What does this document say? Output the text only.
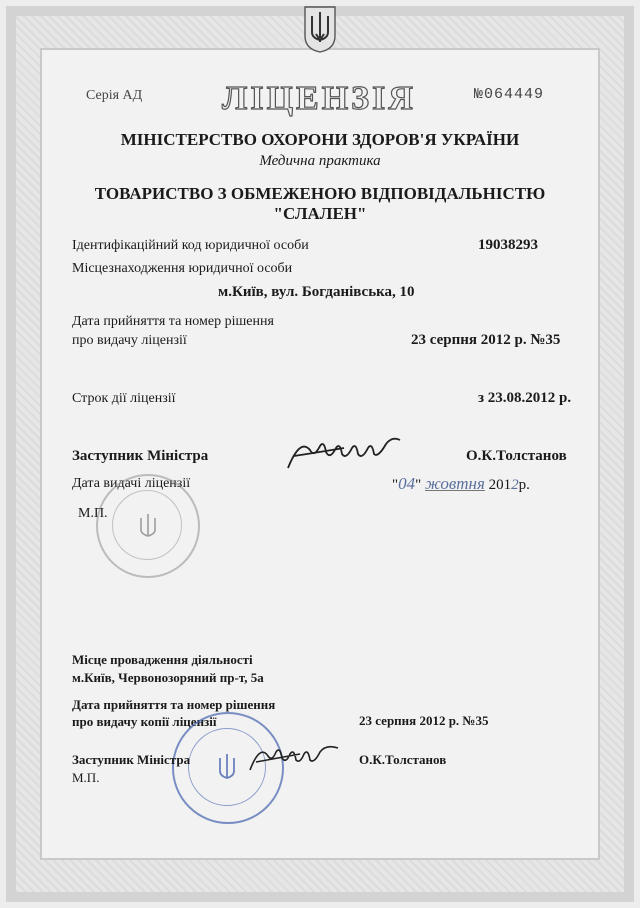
Серія АД ЛІЦЕНЗІЯ	№064449
МІНІСТЕРСТВО ОХОРОНИ ЗДОРОВ'Я УКРАЇНИ
Медична практика
ТОВАРИСТВО З ОБМЕЖЕНОЮ ВІДПОВІДАЛЬНІСТЮ
"СЛАЛЕН"
Ідентифікаційний код юридичної особи	19038293
Місцезнаходження юридичної особи
м.Київ, вул. Богданівська, 10
Дата прийняття та номер рішення
про видачу ліцензії	23 серпня 2012 р. №35
Строк дії ліцензії	з 23.08.2012 р.
Заступник Міністра	О.К.Толстанов
Дата видачі ліцензії	"04" жовтня 2012р.
М.П.
Місце провадження діяльності
м.Київ, Червонозоряний пр-т, 5а
Дата прийняття та номер рішення
про видачу копії ліцензії	23 серпня 2012 р. №35
Заступник Міністра	О.К.Толстанов
М.П.
